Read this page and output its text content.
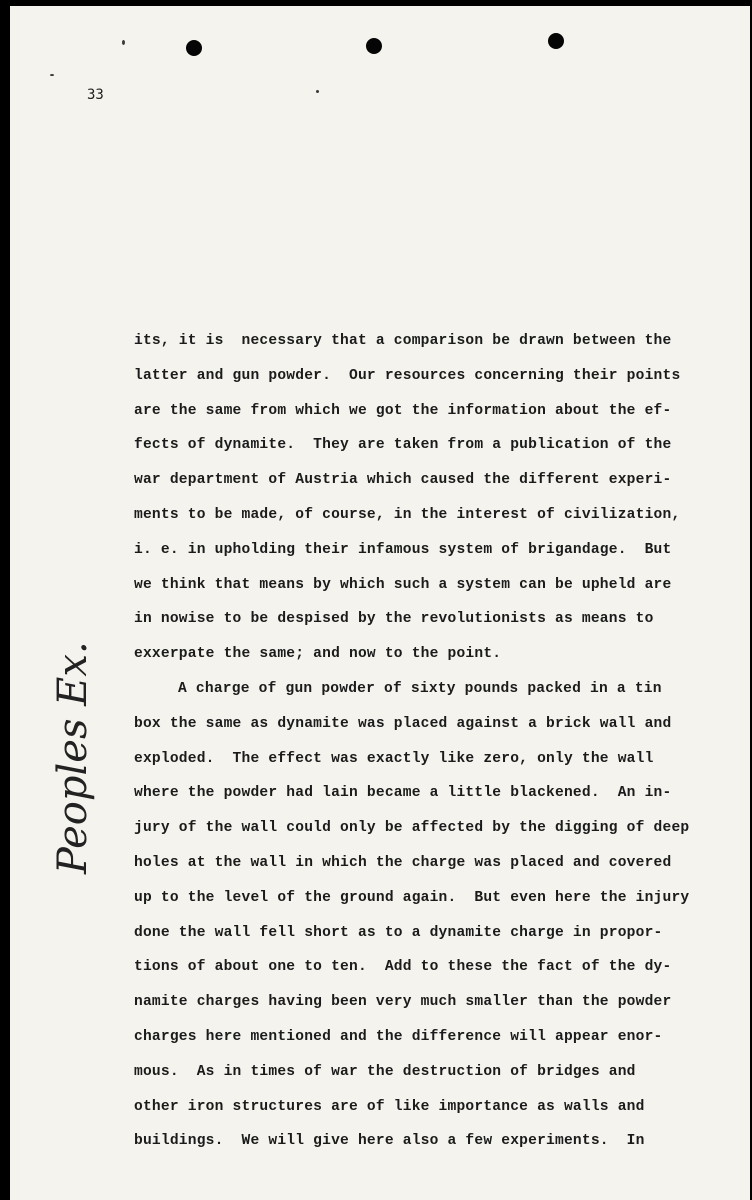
33

Peoples Ex. # 3
its, it is  necessary that a comparison be drawn between the
latter and gun powder.  Our resources concerning their points
are the same from which we got the information about the ef-
fects of dynamite.  They are taken from a publication of the
war department of Austria which caused the different experi-
ments to be made, of course, in the interest of civilization,
i. e. in upholding their infamous system of brigandage.  But
we think that means by which such a system can be upheld are
in nowise to be despised by the revolutionists as means to
exxerpate the same; and now to the point.
A charge of gun powder of sixty pounds packed in a tin
box the same as dynamite was placed against a brick wall and
exploded.  The effect was exactly like zero, only the wall
where the powder had lain became a little blackened.  An in-
jury of the wall could only be affected by the digging of deep
holes at the wall in which the charge was placed and covered
up to the level of the ground again.  But even here the injury
done the wall fell short as to a dynamite charge in propor-
tions of about one to ten.  Add to these the fact of the dy-
namite charges having been very much smaller than the powder
charges here mentioned and the difference will appear enor-
mous.  As in times of war the destruction of bridges and
other iron structures are of like importance as walls and
buildings.  We will give here also a few experiments.  In
